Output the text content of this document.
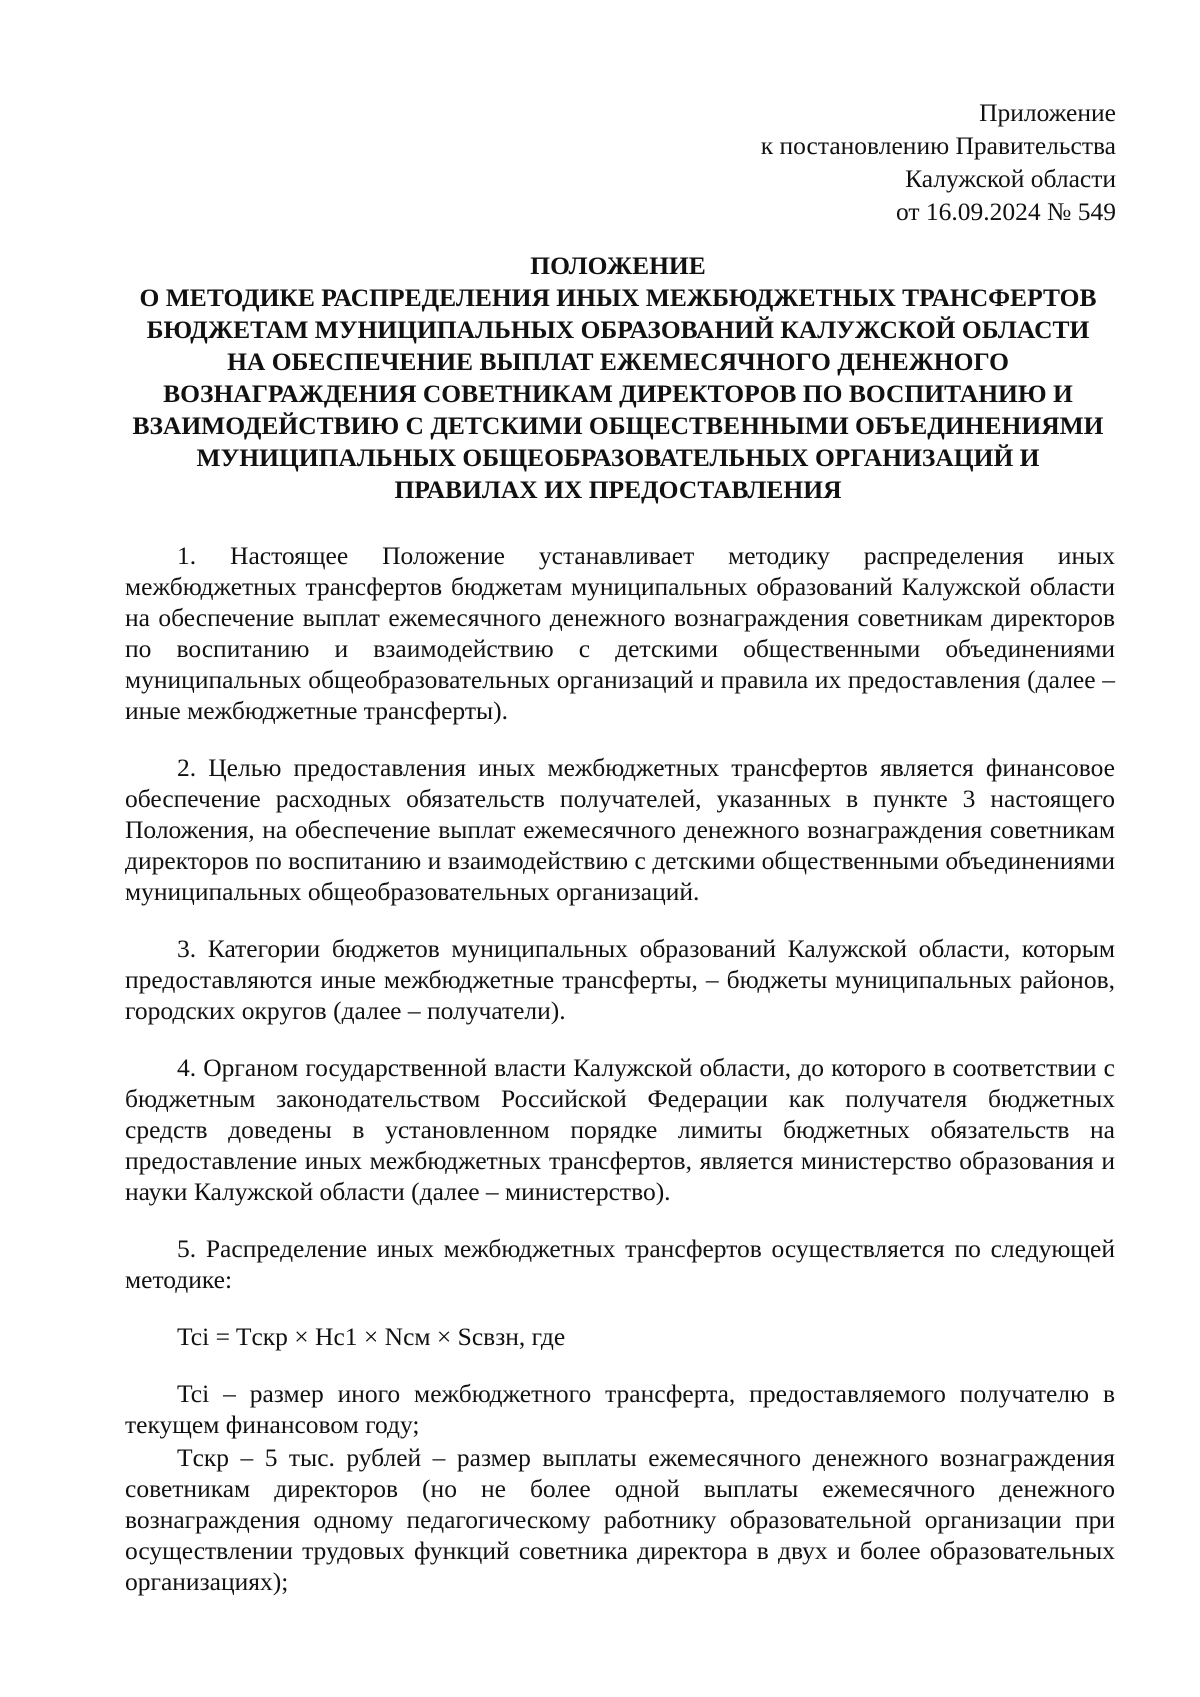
Приложение
к постановлению Правительства
Калужской области
от 16.09.2024 № 549
ПОЛОЖЕНИЕ
О МЕТОДИКЕ РАСПРЕДЕЛЕНИЯ ИНЫХ МЕЖБЮДЖЕТНЫХ ТРАНСФЕРТОВ
БЮДЖЕТАМ МУНИЦИПАЛЬНЫХ ОБРАЗОВАНИЙ КАЛУЖСКОЙ ОБЛАСТИ
НА ОБЕСПЕЧЕНИЕ ВЫПЛАТ ЕЖЕМЕСЯЧНОГО ДЕНЕЖНОГО
ВОЗНАГРАЖДЕНИЯ СОВЕТНИКАМ ДИРЕКТОРОВ ПО ВОСПИТАНИЮ И
ВЗАИМОДЕЙСТВИЮ С ДЕТСКИМИ ОБЩЕСТВЕННЫМИ ОБЪЕДИНЕНИЯМИ
МУНИЦИПАЛЬНЫХ ОБЩЕОБРАЗОВАТЕЛЬНЫХ ОРГАНИЗАЦИЙ И
ПРАВИЛАХ ИХ ПРЕДОСТАВЛЕНИЯ

1. Настоящее Положение устанавливает методику распределения иных межбюджетных трансфертов бюджетам муниципальных образований Калужской области на обеспечение выплат ежемесячного денежного вознаграждения советникам директоров по воспитанию и взаимодействию с детскими общественными объединениями муниципальных общеобразовательных организаций и правила их предоставления (далее – иные межбюджетные трансферты).

2. Целью предоставления иных межбюджетных трансфертов является финансовое обеспечение расходных обязательств получателей, указанных в пункте 3 настоящего Положения, на обеспечение выплат ежемесячного денежного вознаграждения советникам директоров по воспитанию и взаимодействию с детскими общественными объединениями муниципальных общеобразовательных организаций.

3. Категории бюджетов муниципальных образований Калужской области, которым предоставляются иные межбюджетные трансферты, – бюджеты муниципальных районов, городских округов (далее – получатели).

4. Органом государственной власти Калужской области, до которого в соответствии с бюджетным законодательством Российской Федерации как получателя бюджетных средств доведены в установленном порядке лимиты бюджетных обязательств на предоставление иных межбюджетных трансфертов, является министерство образования и науки Калужской области (далее – министерство).

5. Распределение иных межбюджетных трансфертов осуществляется по следующей методике:

Tci = Tскр × Hc1 × Nсм × Sсвзн, где

Tci – размер иного межбюджетного трансферта, предоставляемого получателю в текущем финансовом году;

Tскр – 5 тыс. рублей – размер выплаты ежемесячного денежного вознаграждения советникам директоров (но не более одной выплаты ежемесячного денежного вознаграждения одному педагогическому работнику образовательной организации при осуществлении трудовых функций советника директора в двух и более образовательных организациях);
